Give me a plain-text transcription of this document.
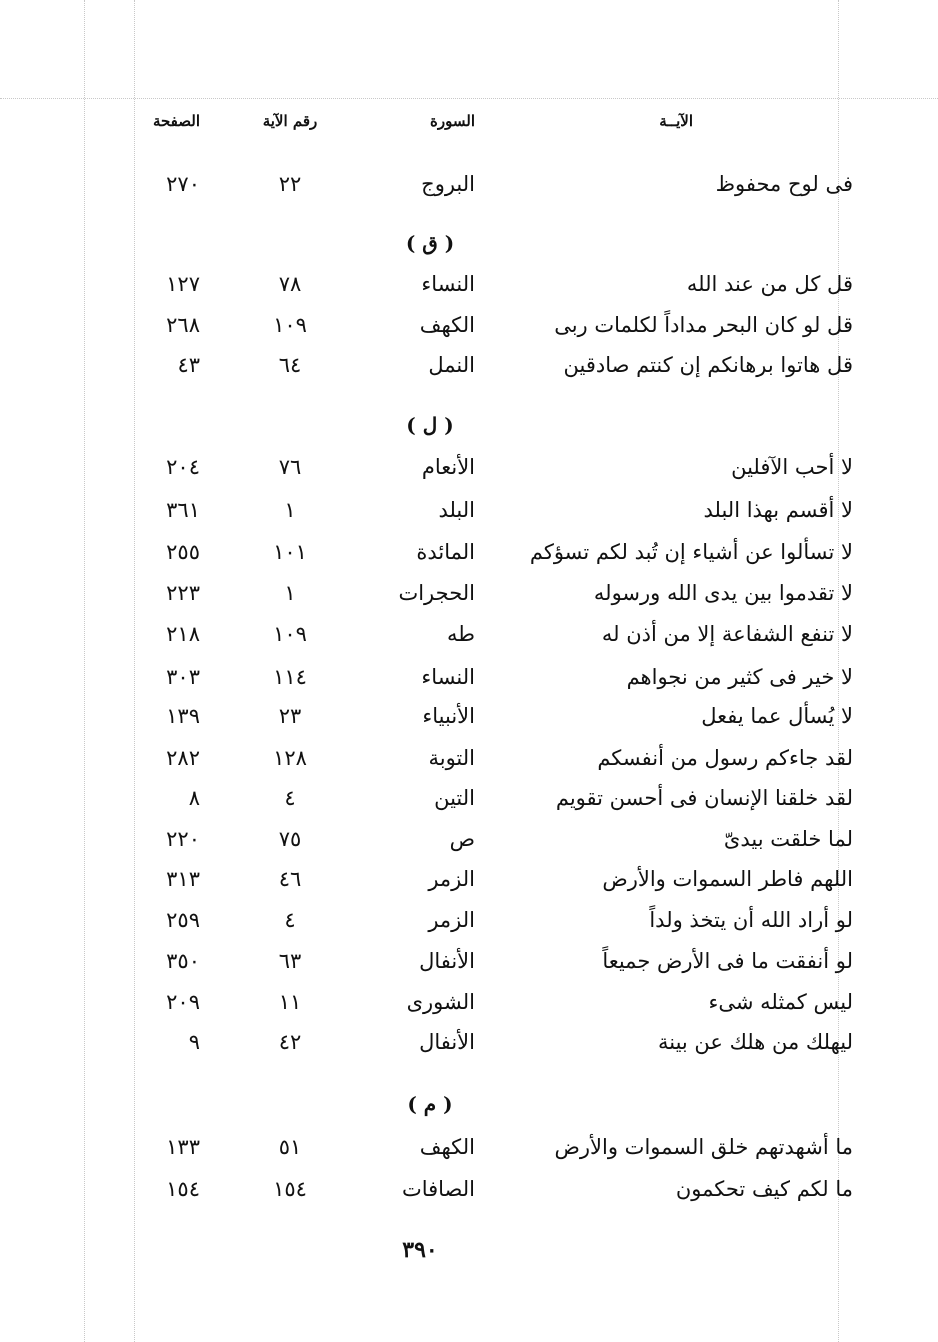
الصفحة	رقم الآية	السورة	الآيــة
٢٧٠	٢٢	البروج	فى لوح محفوظ
( ق )
١٢٧	٧٨	النساء	قل كل من عند الله
٢٦٨	١٠٩	الكهف	قل لو كان البحر مداداً لكلمات ربى
٤٣	٦٤	النمل	قل هاتوا برهانكم إن كنتم صادقين
( ل )
٢٠٤	٧٦	الأنعام	لا أحب الآفلين
٣٦١	١	البلد	لا أقسم بهذا البلد
٢٥٥	١٠١	المائدة	لا تسألوا عن أشياء إن تُبد لكم تسؤكم
٢٢٣	١	الحجرات	لا تقدموا بين يدى الله ورسوله
٢١٨	١٠٩	طه	لا تنفع الشفاعة إلا من أذن له
٣٠٣	١١٤	النساء	لا خير فى كثير من نجواهم
١٣٩	٢٣	الأنبياء	لا يُسأل عما يفعل
٢٨٢	١٢٨	التوبة	لقد جاءكم رسول من أنفسكم
٨	٤	التين	لقد خلقنا الإنسان فى أحسن تقويم
٢٢٠	٧٥	ص	لما خلقت بيدىّ
٣١٣	٤٦	الزمر	اللهم فاطر السموات والأرض
٢٥٩	٤	الزمر	لو أراد الله أن يتخذ ولداً
٣٥٠	٦٣	الأنفال	لو أنفقت ما فى الأرض جميعاً
٢٠٩	١١	الشورى	ليس كمثله شىء
٩	٤٢	الأنفال	ليهلك من هلك عن بينة
( م )
١٣٣	٥١	الكهف	ما أشهدتهم خلق السموات والأرض
١٥٤	١٥٤	الصافات	ما لكم كيف تحكمون
٣٩٠
